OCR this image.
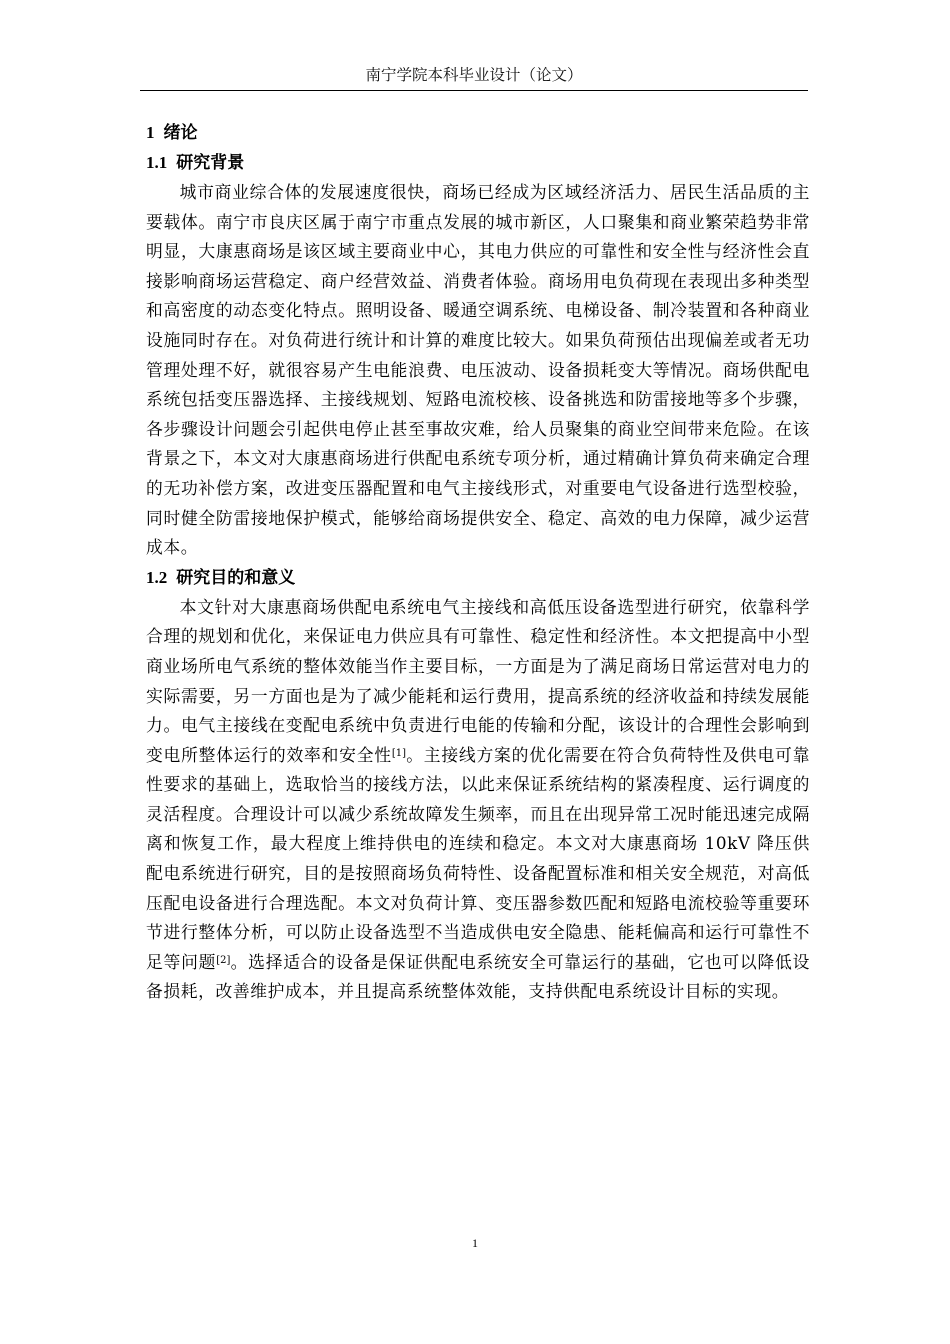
南宁学院本科毕业设计（论文）
1 绪论
1.1 研究背景

城市商业综合体的发展速度很快，商场已经成为区域经济活力、居民生活品质的主要载体。南宁市良庆区属于南宁市重点发展的城市新区，人口聚集和商业繁荣趋势非常明显，大康惠商场是该区域主要商业中心，其电力供应的可靠性和安全性与经济性会直接影响商场运营稳定、商户经营效益、消费者体验。商场用电负荷现在表现出多种类型和高密度的动态变化特点。照明设备、暖通空调系统、电梯设备、制冷装置和各种商业设施同时存在。对负荷进行统计和计算的难度比较大。如果负荷预估出现偏差或者无功管理处理不好，就很容易产生电能浪费、电压波动、设备损耗变大等情况。商场供配电系统包括变压器选择、主接线规划、短路电流校核、设备挑选和防雷接地等多个步骤，各步骤设计问题会引起供电停止甚至事故灾难，给人员聚集的商业空间带来危险。在该背景之下，本文对大康惠商场进行供配电系统专项分析，通过精确计算负荷来确定合理的无功补偿方案，改进变压器配置和电气主接线形式，对重要电气设备进行选型校验，同时健全防雷接地保护模式，能够给商场提供安全、稳定、高效的电力保障，减少运营成本。

1.2 研究目的和意义

本文针对大康惠商场供配电系统电气主接线和高低压设备选型进行研究，依靠科学合理的规划和优化，来保证电力供应具有可靠性、稳定性和经济性。本文把提高中小型商业场所电气系统的整体效能当作主要目标，一方面是为了满足商场日常运营对电力的实际需要，另一方面也是为了减少能耗和运行费用，提高系统的经济收益和持续发展能力。电气主接线在变配电系统中负责进行电能的传输和分配，该设计的合理性会影响到变电所整体运行的效率和安全性[1]。主接线方案的优化需要在符合负荷特性及供电可靠性要求的基础上，选取恰当的接线方法，以此来保证系统结构的紧凑程度、运行调度的灵活程度。合理设计可以减少系统故障发生频率，而且在出现异常工况时能迅速完成隔离和恢复工作，最大程度上维持供电的连续和稳定。本文对大康惠商场 10kV 降压供配电系统进行研究，目的是按照商场负荷特性、设备配置标准和相关安全规范，对高低压配电设备进行合理选配。本文对负荷计算、变压器参数匹配和短路电流校验等重要环节进行整体分析，可以防止设备选型不当造成供电安全隐患、能耗偏高和运行可靠性不足等问题[2]。选择适合的设备是保证供配电系统安全可靠运行的基础，它也可以降低设备损耗，改善维护成本，并且提高系统整体效能，支持供配电系统设计目标的实现。

1
